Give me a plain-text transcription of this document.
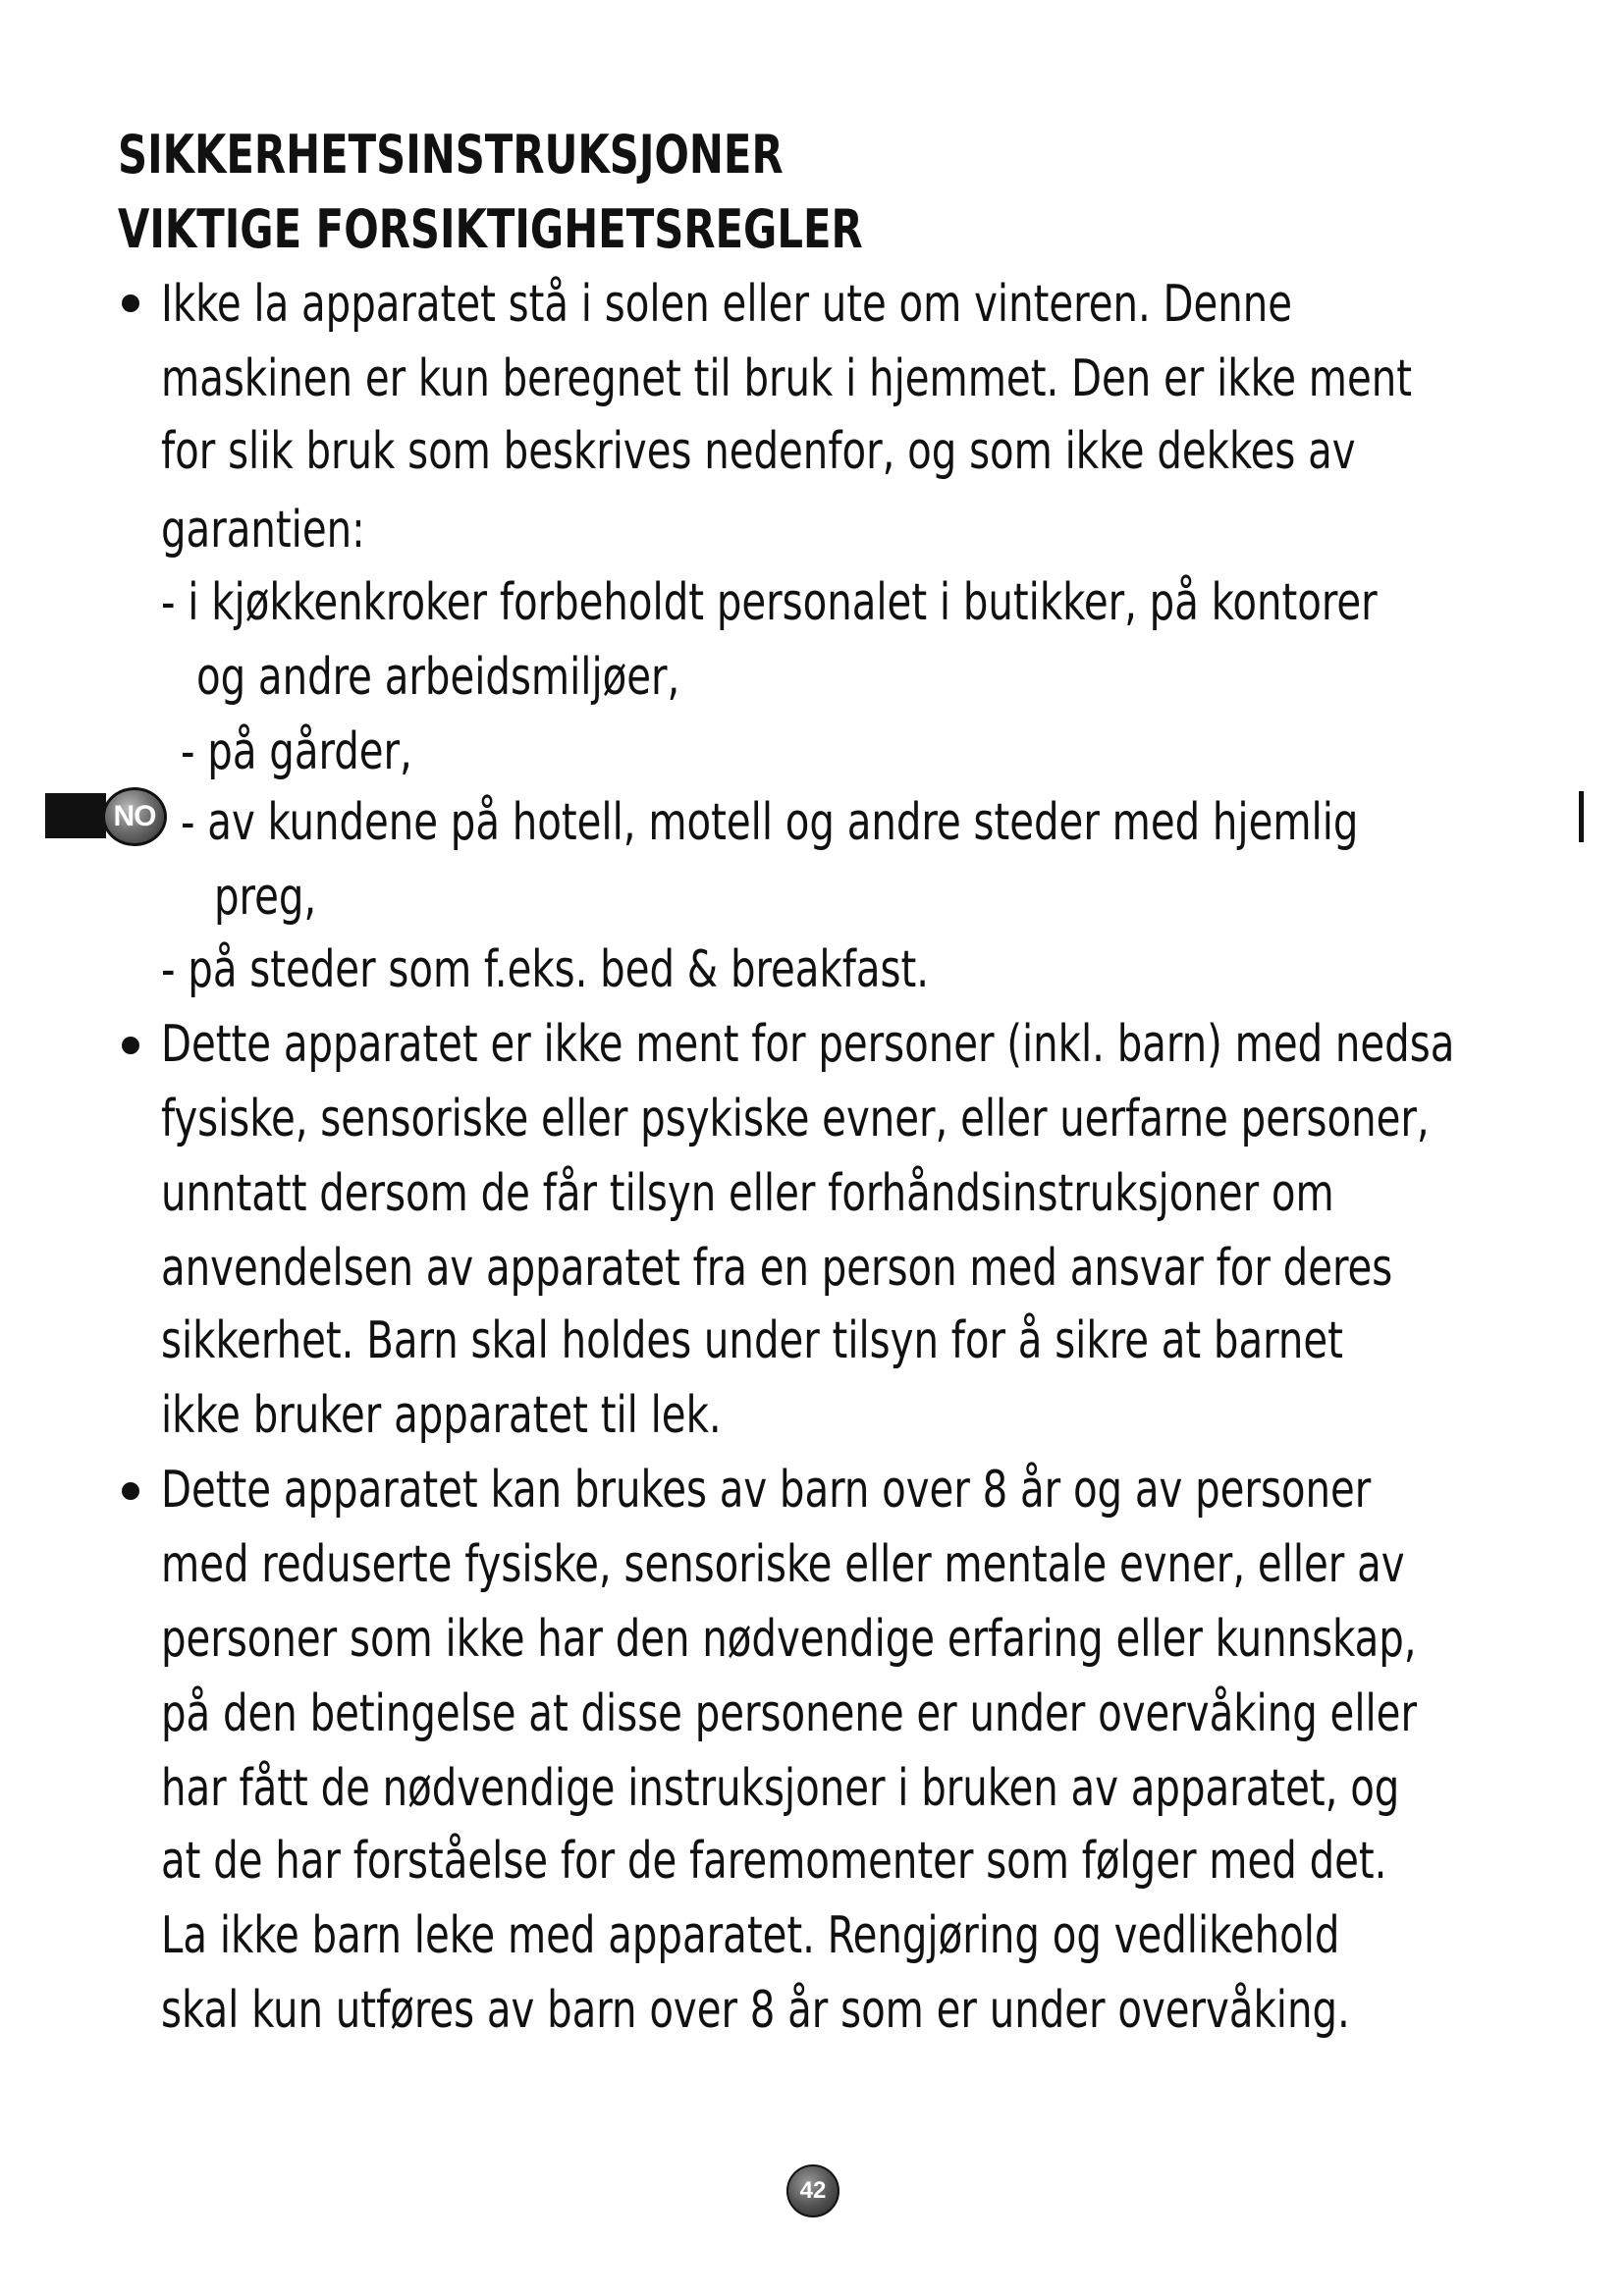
SIKKERHETSINSTRUKSJONER
VIKTIGE FORSIKTIGHETSREGLER
Ikke la apparatet stå i solen eller ute om vinteren. Denne
maskinen er kun beregnet til bruk i hjemmet. Den er ikke ment
for slik bruk som beskrives nedenfor, og som ikke dekkes av
garantien:
- i kjøkkenkroker forbeholdt personalet i butikker, på kontorer
og andre arbeidsmiljøer,
- på gårder,
NO - av kundene på hotell, motell og andre steder med hjemlig
preg,
- på steder som f.eks. bed & breakfast.
Dette apparatet er ikke ment for personer (inkl. barn) med nedsa
fysiske, sensoriske eller psykiske evner, eller uerfarne personer,
unntatt dersom de får tilsyn eller forhåndsinstruksjoner om
anvendelsen av apparatet fra en person med ansvar for deres
sikkerhet. Barn skal holdes under tilsyn for å sikre at barnet
ikke bruker apparatet til lek.
Dette apparatet kan brukes av barn over 8 år og av personer
med reduserte fysiske, sensoriske eller mentale evner, eller av
personer som ikke har den nødvendige erfaring eller kunnskap,
på den betingelse at disse personene er under overvåking eller
har fått de nødvendige instruksjoner i bruken av apparatet, og
at de har forståelse for de faremomenter som følger med det.
La ikke barn leke med apparatet. Rengjøring og vedlikehold
skal kun utføres av barn over 8 år som er under overvåking.
42
